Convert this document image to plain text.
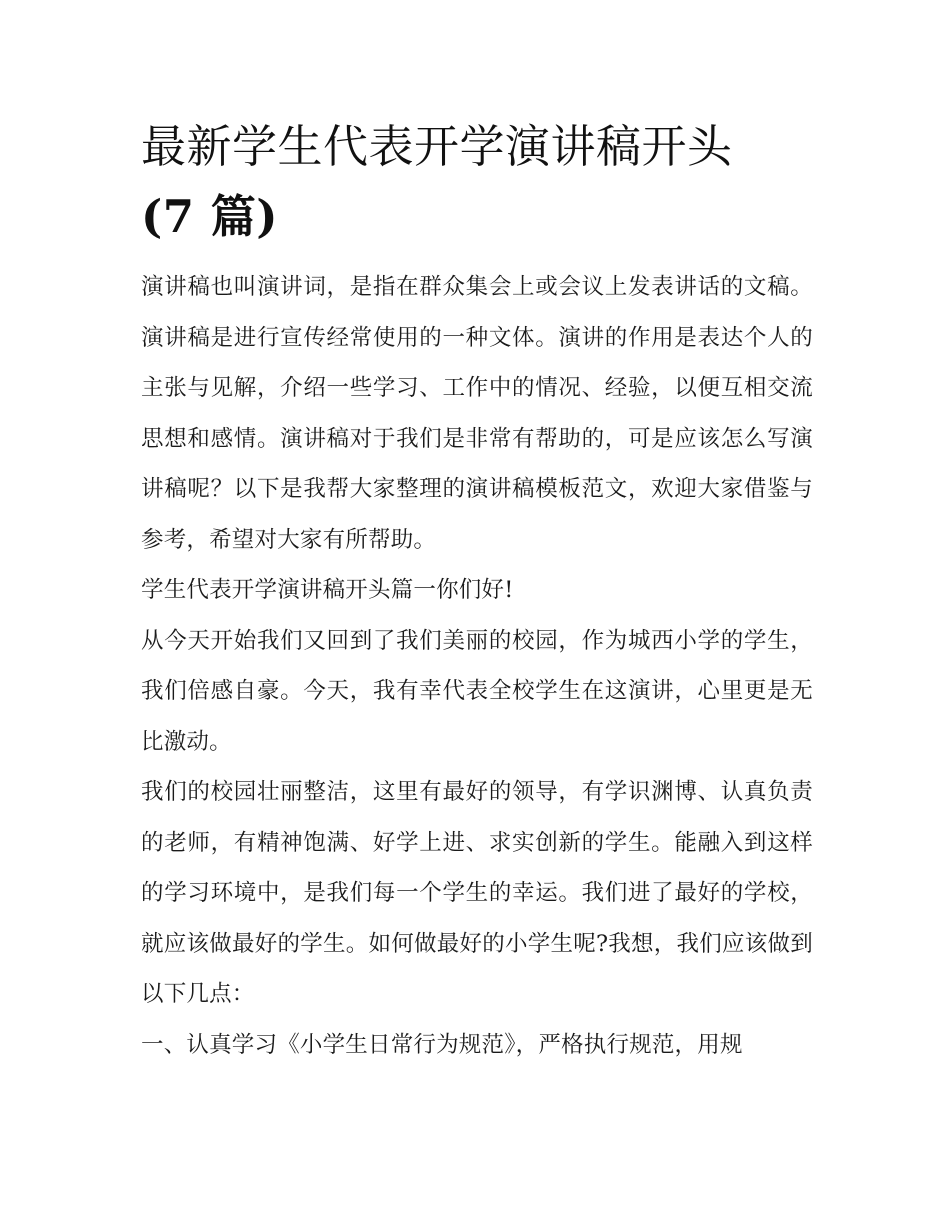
最新学生代表开学演讲稿开头
(7 篇)

演讲稿也叫演讲词，是指在群众集会上或会议上发表讲话的文稿。演讲稿是进行宣传经常使用的一种文体。演讲的作用是表达个人的主张与见解，介绍一些学习、工作中的情况、经验，以便互相交流思想和感情。演讲稿对于我们是非常有帮助的，可是应该怎么写演讲稿呢？以下是我帮大家整理的演讲稿模板范文，欢迎大家借鉴与参考，希望对大家有所帮助。

学生代表开学演讲稿开头篇一你们好!

从今天开始我们又回到了我们美丽的校园，作为城西小学的学生，我们倍感自豪。今天，我有幸代表全校学生在这演讲，心里更是无比激动。

我们的校园壮丽整洁，这里有最好的领导，有学识渊博、认真负责的老师，有精神饱满、好学上进、求实创新的学生。能融入到这样的学习环境中，是我们每一个学生的幸运。我们进了最好的学校，就应该做最好的学生。如何做最好的小学生呢?我想，我们应该做到以下几点：

一、认真学习《小学生日常行为规范》，严格执行规范，用规
